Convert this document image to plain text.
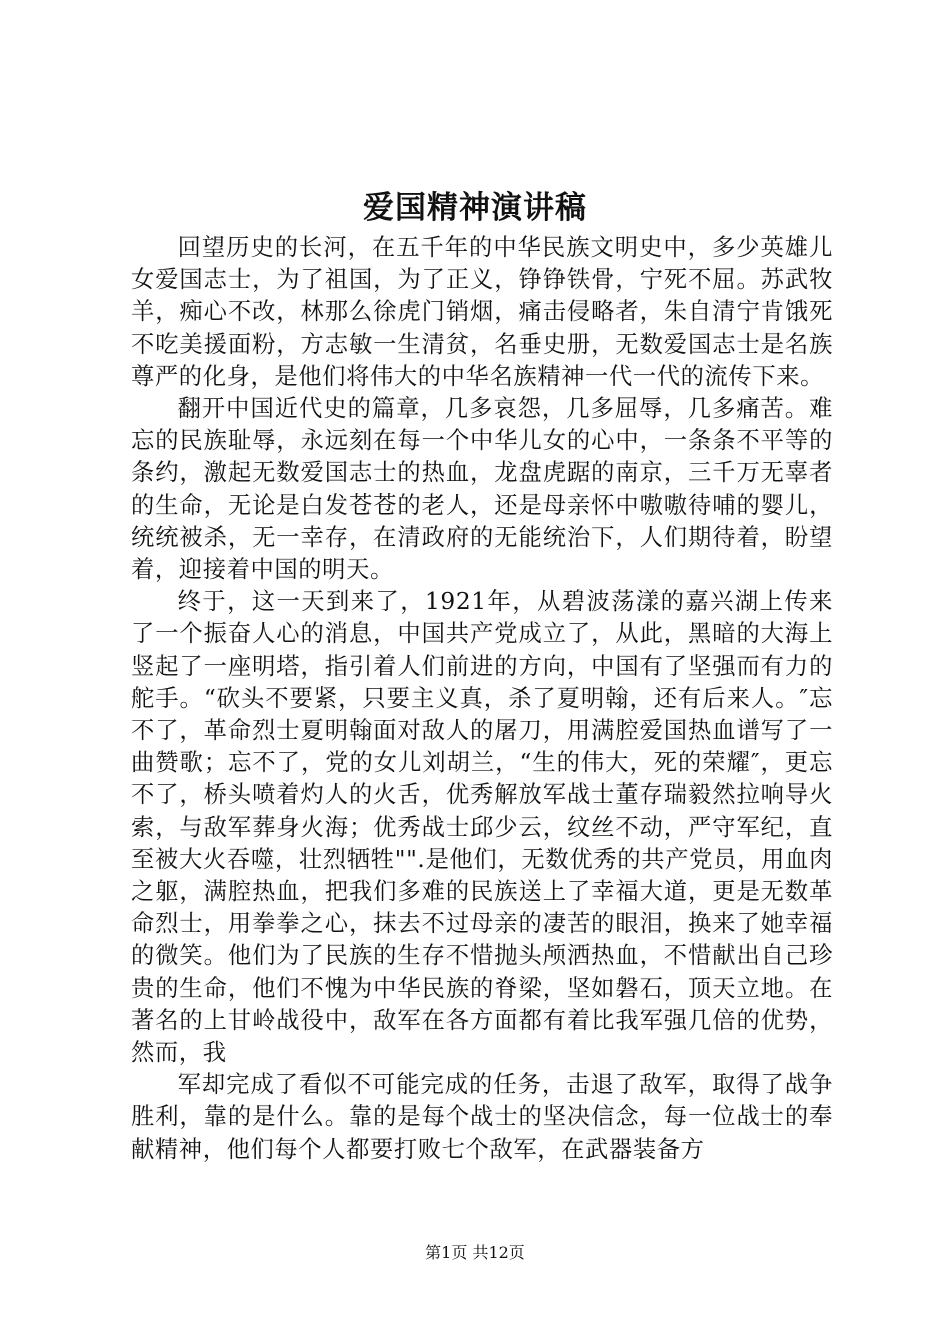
爱国精神演讲稿

回望历史的长河，在五千年的中华民族文明史中，多少英雄儿女爱国志士，为了祖国，为了正义，铮铮铁骨，宁死不屈。苏武牧羊，痴心不改，林那么徐虎门销烟，痛击侵略者，朱自清宁肯饿死不吃美援面粉，方志敏一生清贫，名垂史册，无数爱国志士是名族尊严的化身，是他们将伟大的中华名族精神一代一代的流传下来。

翻开中国近代史的篇章，几多哀怨，几多屈辱，几多痛苦。难忘的民族耻辱，永远刻在每一个中华儿女的心中，一条条不平等的条约，激起无数爱国志士的热血，龙盘虎踞的南京，三千万无辜者的生命，无论是白发苍苍的老人，还是母亲怀中嗷嗷待哺的婴儿，统统被杀，无一幸存，在清政府的无能统治下，人们期待着，盼望着，迎接着中国的明天。

终于，这一天到来了，1921年，从碧波荡漾的嘉兴湖上传来了一个振奋人心的消息，中国共产党成立了，从此，黑暗的大海上竖起了一座明塔，指引着人们前进的方向，中国有了坚强而有力的舵手。“砍头不要紧，只要主义真，杀了夏明翰，还有后来人。″忘不了，革命烈士夏明翰面对敌人的屠刀，用满腔爱国热血谱写了一曲赞歌；忘不了，党的女儿刘胡兰，“生的伟大，死的荣耀″，更忘不了，桥头喷着灼人的火舌，优秀解放军战士董存瑞毅然拉响导火索，与敌军葬身火海；优秀战士邱少云，纹丝不动，严守军纪，直至被大火吞噬，壮烈牺牲"".是他们，无数优秀的共产党员，用血肉之躯，满腔热血，把我们多难的民族送上了幸福大道，更是无数革命烈士，用拳拳之心，抹去不过母亲的凄苦的眼泪，换来了她幸福的微笑。他们为了民族的生存不惜抛头颅洒热血，不惜献出自己珍贵的生命，他们不愧为中华民族的脊梁，坚如磐石，顶天立地。在著名的上甘岭战役中，敌军在各方面都有着比我军强几倍的优势，然而，我

军却完成了看似不可能完成的任务，击退了敌军，取得了战争胜利，靠的是什么。靠的是每个战士的坚决信念，每一位战士的奉献精神，他们每个人都要打败七个敌军，在武器装备方

第1页 共12页
